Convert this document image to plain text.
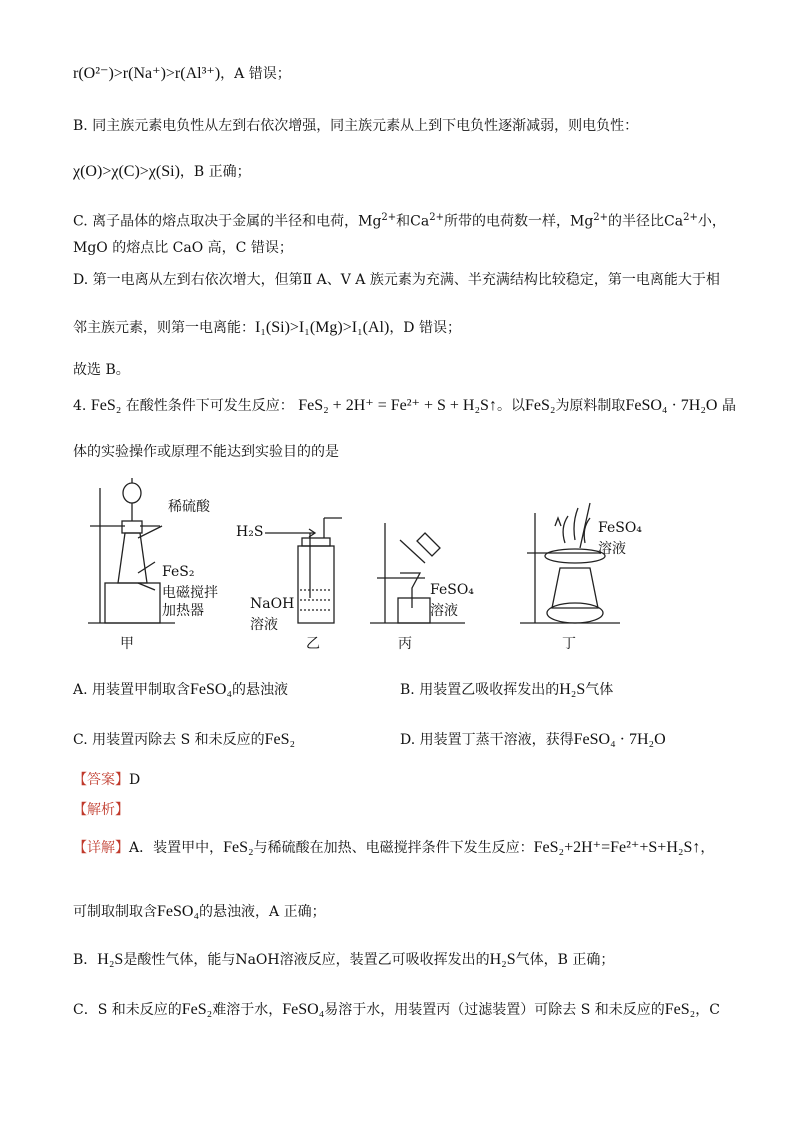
r(O²⁻)>r(Na⁺)>r(Al³⁺)，A 错误；
B. 同主族元素电负性从左到右依次增强，同主族元素从上到下电负性逐渐减弱，则电负性：
χ(O)>χ(C)>χ(Si)，B 正确；
C. 离子晶体的熔点取决于金属的半径和电荷，$Mg^{2+}$和$Ca^{2+}$所带的电荷数一样，$Mg^{2+}$的半径比$Ca^{2+}$小，
MgO 的熔点比 CaO 高，C 错误；
D. 第一电离从左到右依次增大，但第Ⅱ A、Ⅴ A 族元素为充满、半充满结构比较稳定，第一电离能大于相
邻主族元素，则第一电离能：I₁(Si)>I₁(Mg)>I₁(Al)，D 错误；
故选 B。
4. FeS₂ 在酸性条件下可发生反应： FeS₂ + 2H⁺ = Fe²⁺ + S + H₂S↑。以FeS₂为原料制取FeSO₄ · 7H₂O 晶
体的实验操作或原理不能达到实验目的的是
稀硫酸
FeS₂
电磁搅拌
加热器
甲
H₂S
NaOH
溶液
乙
FeSO₄
溶液
丙
FeSO₄
溶液
丁
A. 用装置甲制取含FeSO₄的悬浊液	B. 用装置乙吸收挥发出的H₂S气体
C. 用装置丙除去 S 和未反应的FeS₂	D. 用装置丁蒸干溶液，获得FeSO₄ · 7H₂O
【答案】D
【解析】
【详解】A．装置甲中，FeS₂与稀硫酸在加热、电磁搅拌条件下发生反应：FeS₂+2H⁺=Fe²⁺+S+H₂S↑，
可制取制取含FeSO₄的悬浊液，A 正确；
B．H₂S是酸性气体，能与NaOH溶液反应，装置乙可吸收挥发出的H₂S气体，B 正确；
C．S 和未反应的FeS₂难溶于水，FeSO₄易溶于水，用装置丙（过滤装置）可除去 S 和未反应的FeS₂，C
